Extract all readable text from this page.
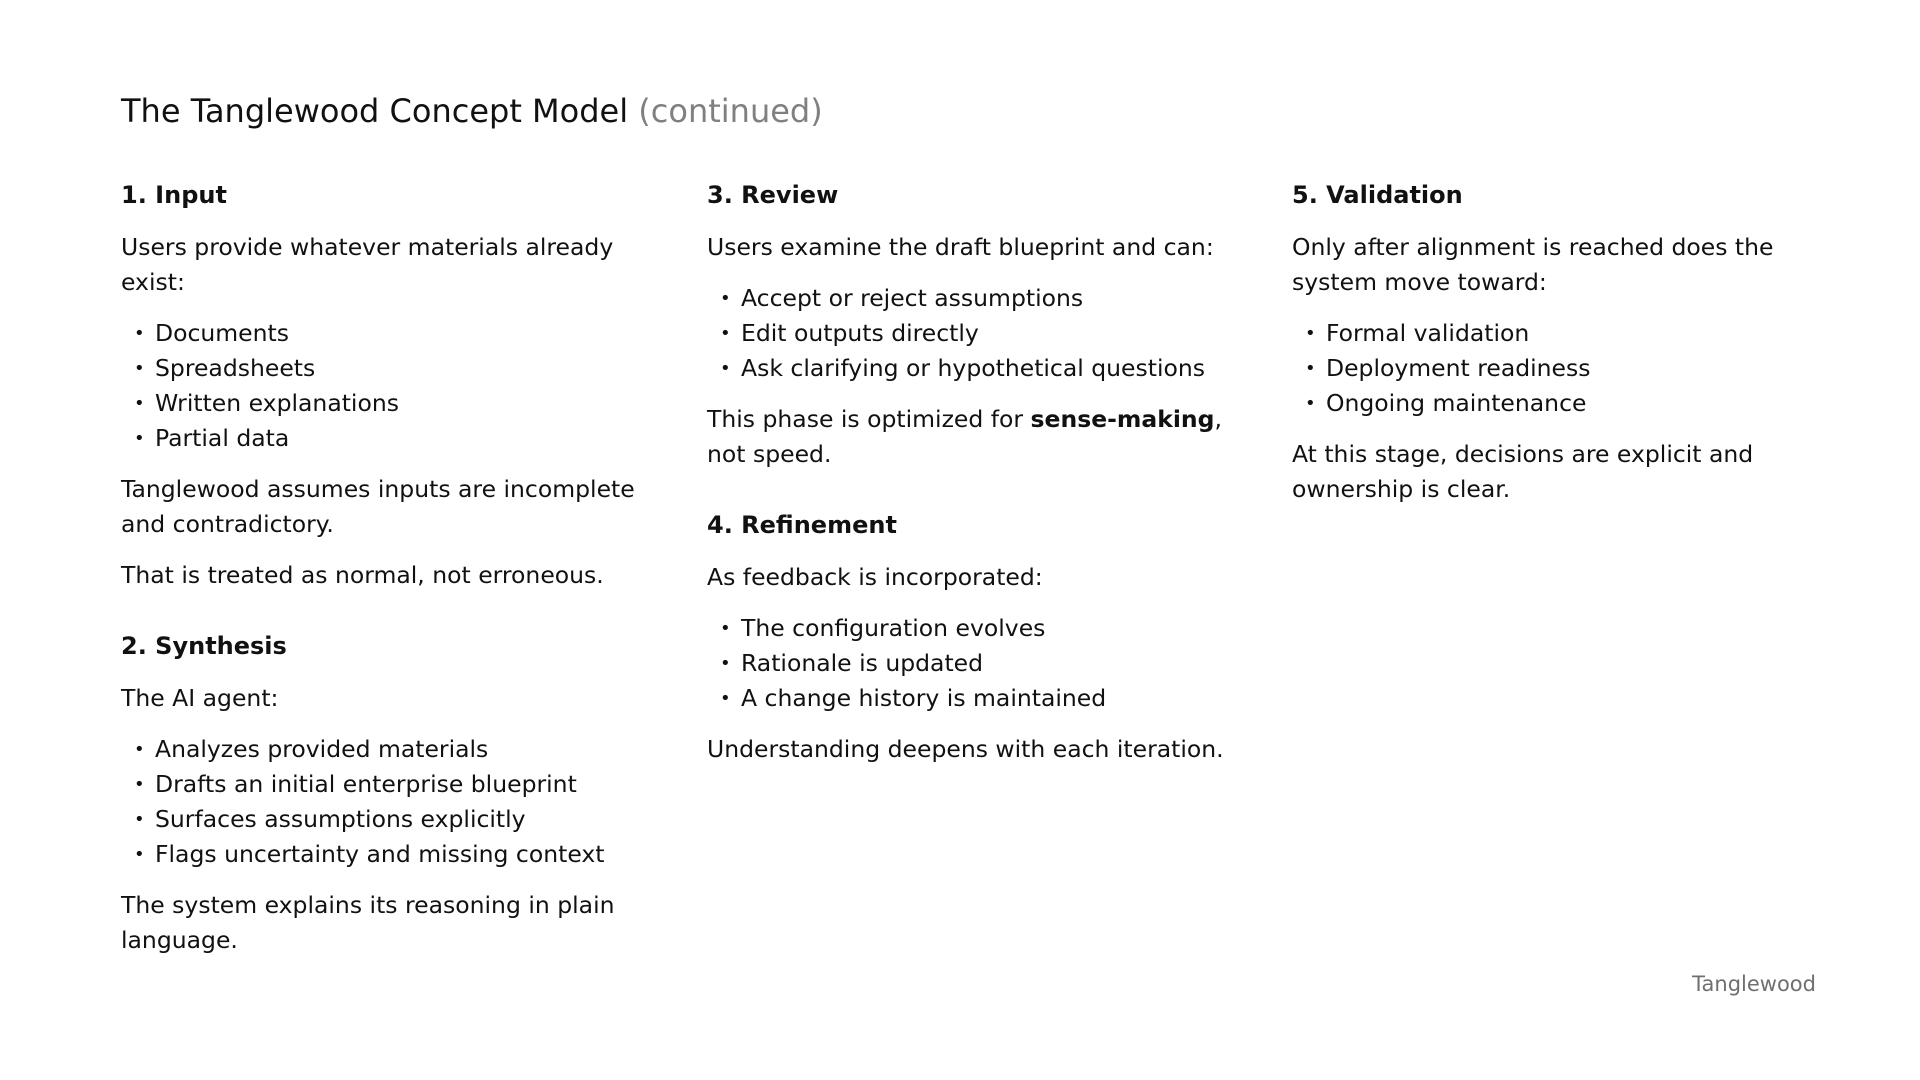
The Tanglewood Concept Model (continued)
1. Input

Users provide whatever materials already exist:

• Documents
• Spreadsheets
• Written explanations
• Partial data

Tanglewood assumes inputs are incomplete and contradictory.

That is treated as normal, not erroneous.

2. Synthesis

The AI agent:

• Analyzes provided materials
• Drafts an initial enterprise blueprint
• Surfaces assumptions explicitly
• Flags uncertainty and missing context

The system explains its reasoning in plain language.

3. Review

Users examine the draft blueprint and can:

• Accept or reject assumptions
• Edit outputs directly
• Ask clarifying or hypothetical questions

This phase is optimized for sense-making, not speed.

4. Refinement

As feedback is incorporated:

• The configuration evolves
• Rationale is updated
• A change history is maintained

Understanding deepens with each iteration.

5. Validation

Only after alignment is reached does the system move toward:

• Formal validation
• Deployment readiness
• Ongoing maintenance

At this stage, decisions are explicit and ownership is clear.

Tanglewood
